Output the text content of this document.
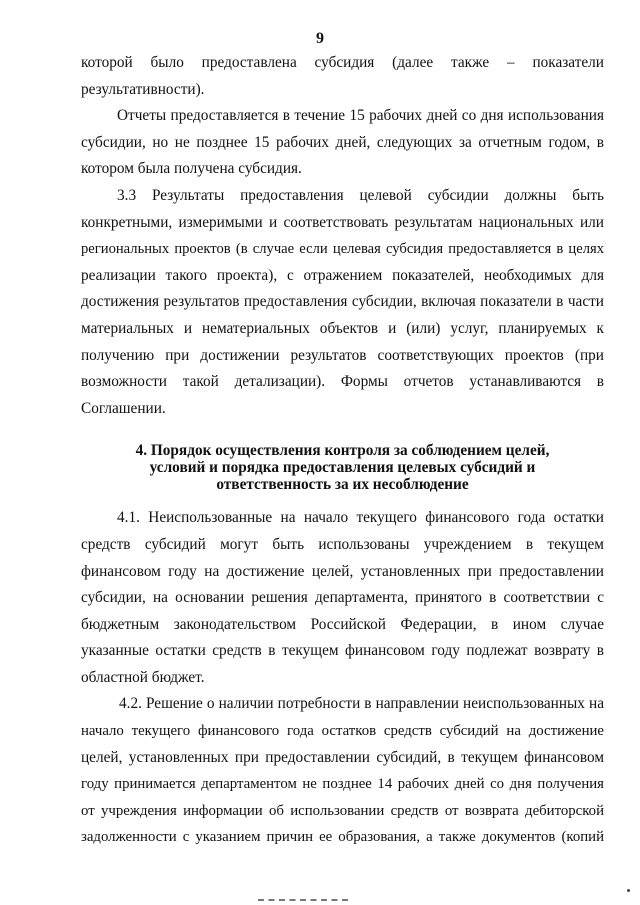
9
которой было предоставлена субсидия (далее также – показатели
результативности).
Отчеты предоставляется в течение 15 рабочих дней со дня использования
субсидии, но не позднее 15 рабочих дней, следующих за отчетным годом, в
котором была получена субсидия.
3.3 Результаты предоставления целевой субсидии должны быть
конкретными, измеримыми и соответствовать результатам национальных или
региональных проектов (в случае если целевая субсидия предоставляется в целях
реализации такого проекта), с отражением показателей, необходимых для
достижения результатов предоставления субсидии, включая показатели в части
материальных и нематериальных объектов и (или) услуг, планируемых к
получению при достижении результатов соответствующих проектов (при
возможности такой детализации). Формы отчетов устанавливаются в
Соглашении.
4. Порядок осуществления контроля за соблюдением целей,
условий и порядка предоставления целевых субсидий и
ответственность за их несоблюдение
4.1. Неиспользованные на начало текущего финансового года остатки
средств субсидий могут быть использованы учреждением в текущем
финансовом году на достижение целей, установленных при предоставлении
субсидии, на основании решения департамента, принятого в соответствии с
бюджетным законодательством Российской Федерации, в ином случае
указанные остатки средств в текущем финансовом году подлежат возврату в
областной бюджет.
4.2. Решение о наличии потребности в направлении неиспользованных на
начало текущего финансового года остатков средств субсидий на достижение
целей, установленных при предоставлении субсидий, в текущем финансовом
году принимается департаментом не позднее 14 рабочих дней со дня получения
от учреждения информации об использовании средств от возврата дебиторской
задолженности с указанием причин ее образования, а также документов (копий
